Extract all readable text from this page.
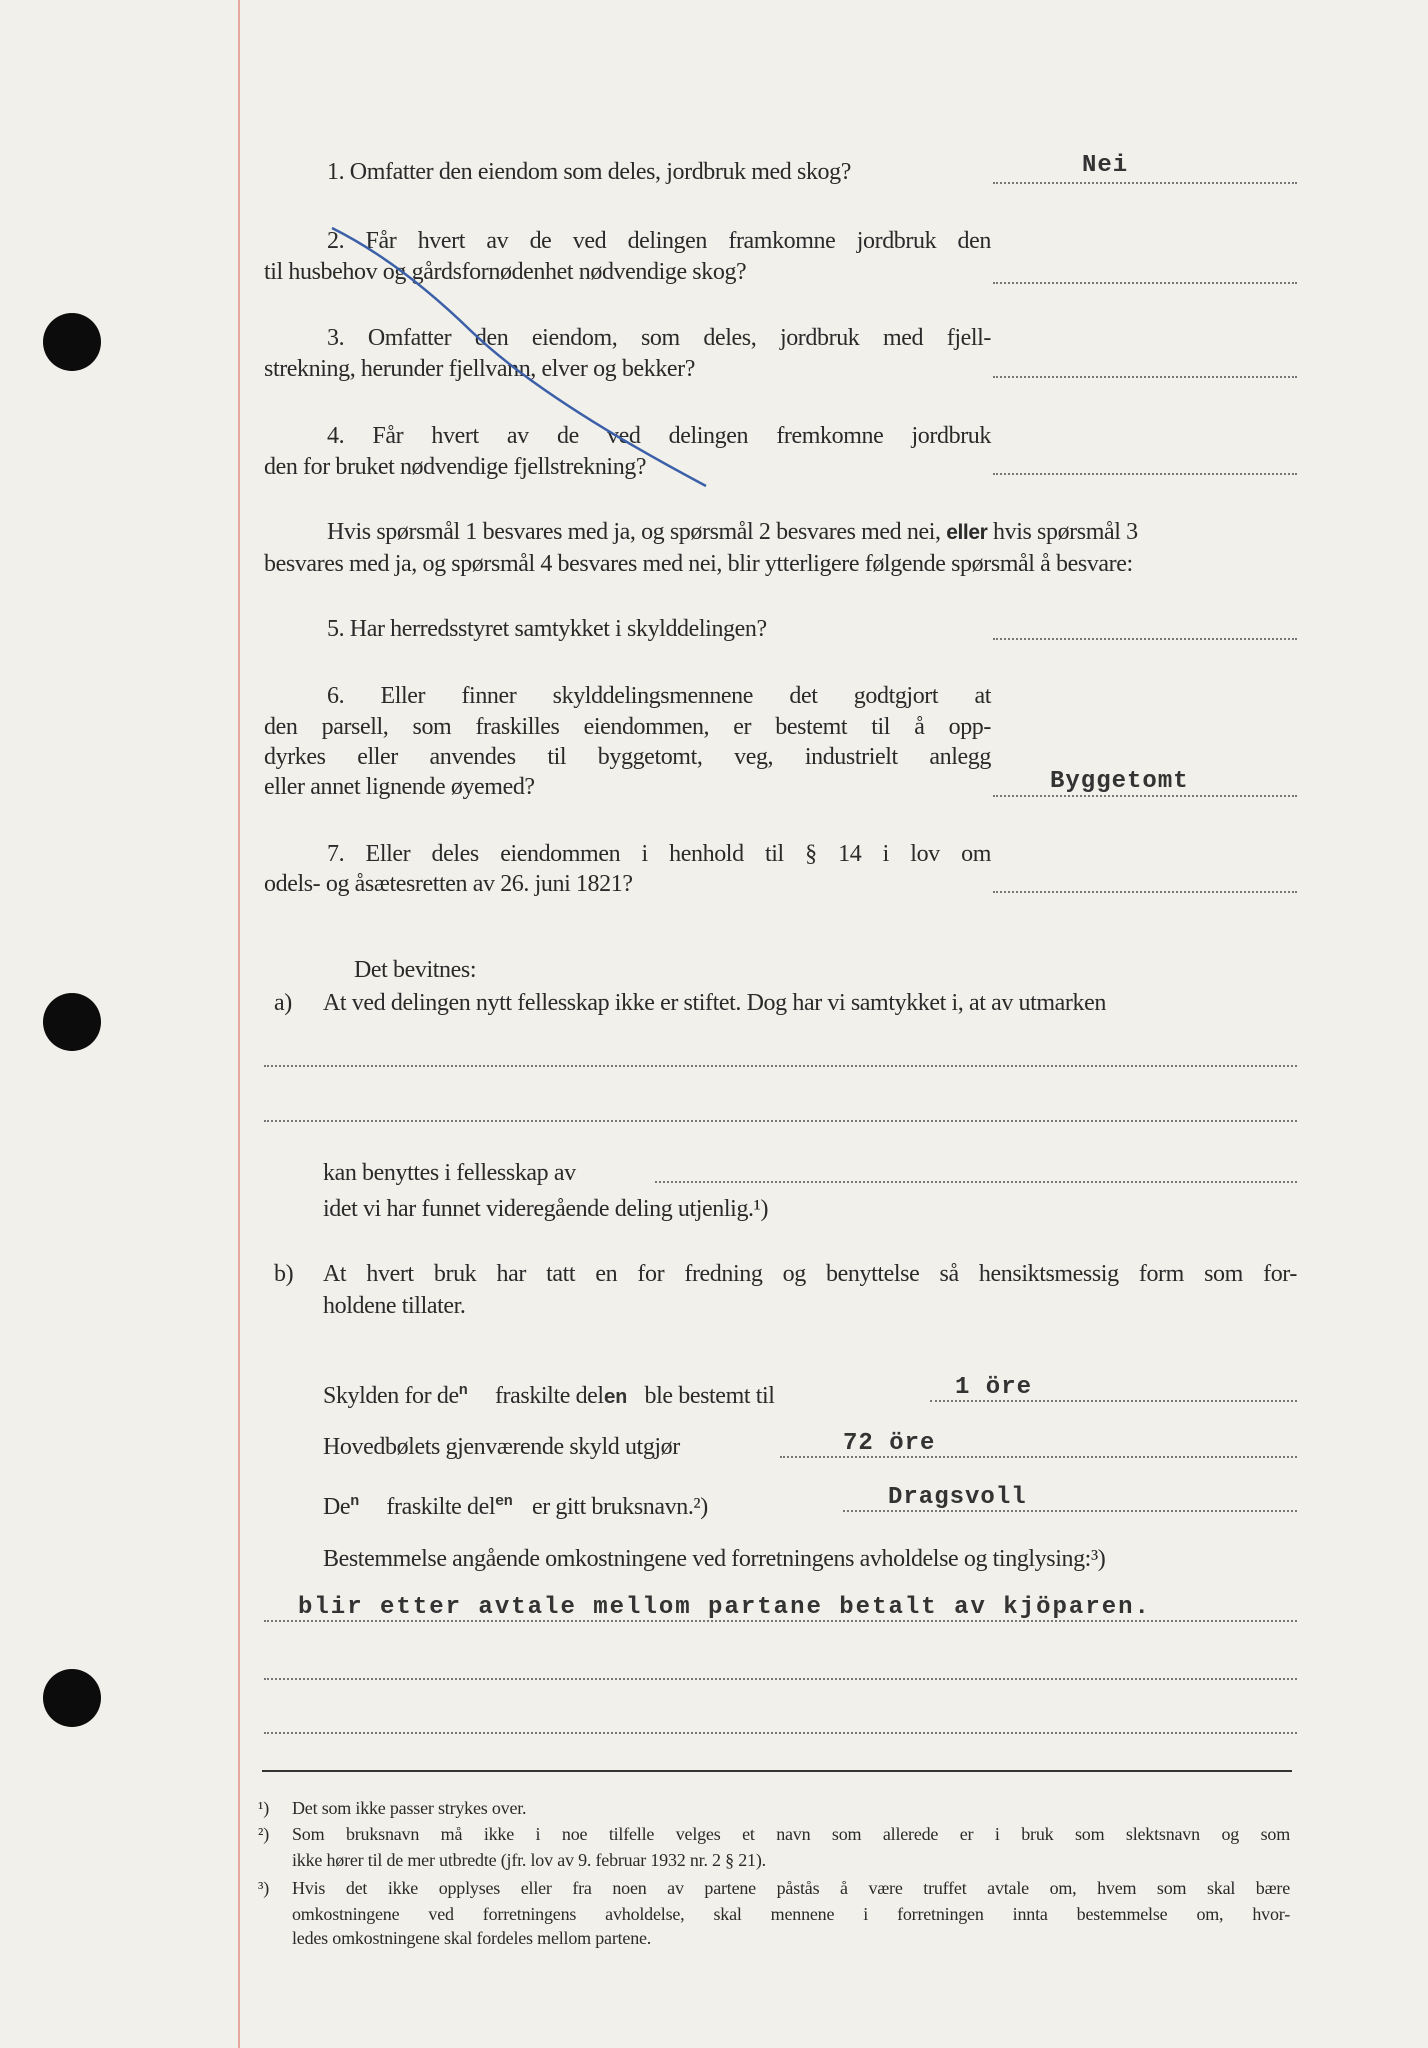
1. Omfatter den eiendom som deles, jordbruk med skog?	Nei
2. Får hvert av de ved delingen framkomne jordbruk den
til husbehov og gårdsfornødenhet nødvendige skog?
3. Omfatter den eiendom, som deles, jordbruk med fjell-
strekning, herunder fjellvann, elver og bekker?
4. Får hvert av de ved delingen fremkomne jordbruk
den for bruket nødvendige fjellstrekning?
Hvis spørsmål 1 besvares med ja, og spørsmål 2 besvares med nei, eller hvis spørsmål 3
besvares med ja, og spørsmål 4 besvares med nei, blir ytterligere følgende spørsmål å besvare:
5. Har herredsstyret samtykket i skylddelingen?
6. Eller finner skylddelingsmennene det godtgjort at
den parsell, som fraskilles eiendommen, er bestemt til å opp-
dyrkes eller anvendes til byggetomt, veg, industrielt anlegg
eller annet lignende øyemed?	Byggetomt
7. Eller deles eiendommen i henhold til § 14 i lov om
odels- og åsætesretten av 26. juni 1821?
Det bevitnes:
a) At ved delingen nytt fellesskap ikke er stiftet. Dog har vi samtykket i, at av utmarken
kan benyttes i fellesskap av
idet vi har funnet videregående deling utjenlig.¹)
b) At hvert bruk har tatt en for fredning og benyttelse så hensiktsmessig form som for-
holdene tillater.
Skylden for $de^n$ fraskilte delen ble bestemt til	1 öre
Hovedbølets gjenværende skyld utgjør	72 öre
De$^n$ fraskilte del$^{en}$ er gitt bruksnavn.²)	Dragsvoll
Bestemmelse angående omkostningene ved forretningens avholdelse og tinglysing:³)
blir etter avtale mellom partane betalt av kjöparen.
¹) Det som ikke passer strykes over.
²) Som bruksnavn må ikke i noe tilfelle velges et navn som allerede er i bruk som slektsnavn og som
ikke hører til de mer utbredte (jfr. lov av 9. februar 1932 nr. 2 § 21).
³) Hvis det ikke opplyses eller fra noen av partene påstås å være truffet avtale om, hvem som skal bære
omkostningene ved forretningens avholdelse, skal mennene i forretningen innta bestemmelse om, hvor-
ledes omkostningene skal fordeles mellom partene.
